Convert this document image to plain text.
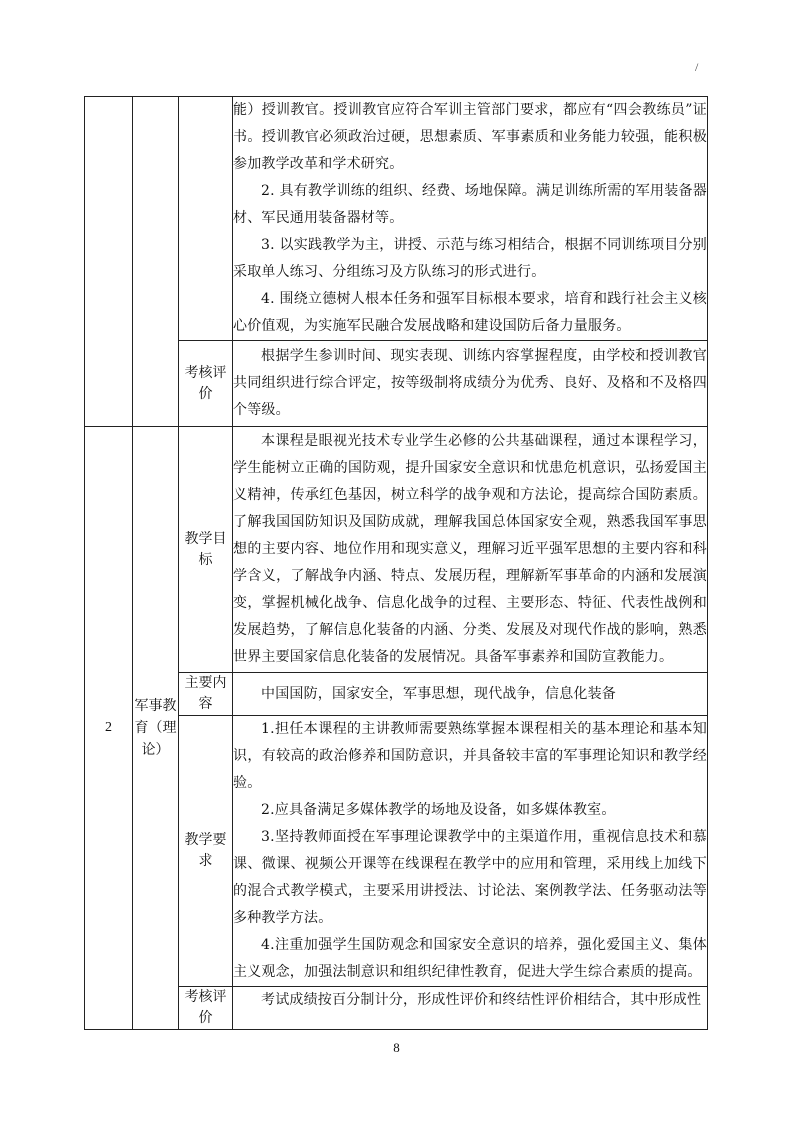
/

			能）授训教官。授训教官应符合军训主管部门要求，都应有“四会教练员”证书。授训教官必须政治过硬，思想素质、军事素质和业务能力较强，能积极参加教学改革和学术研究。

2. 具有教学训练的组织、经费、场地保障。满足训练所需的军用装备器材、军民通用装备器材等。

3. 以实践教学为主，讲授、示范与练习相结合，根据不同训练项目分别采取单人练习、分组练习及方队练习的形式进行。

4. 围绕立德树人根本任务和强军目标根本要求，培育和践行社会主义核心价值观，为实施军民融合发展战略和建设国防后备力量服务。

		考核评价	根据学生参训时间、现实表现、训练内容掌握程度，由学校和授训教官共同组织进行综合评定，按等级制将成绩分为优秀、良好、及格和不及格四个等级。

2	军事教育（理论）	教学目标	本课程是眼视光技术专业学生必修的公共基础课程，通过本课程学习，学生能树立正确的国防观，提升国家安全意识和忧患危机意识，弘扬爱国主义精神，传承红色基因，树立科学的战争观和方法论，提高综合国防素质。了解我国国防知识及国防成就，理解我国总体国家安全观，熟悉我国军事思想的主要内容、地位作用和现实意义，理解习近平强军思想的主要内容和科学含义，了解战争内涵、特点、发展历程，理解新军事革命的内涵和发展演变，掌握机械化战争、信息化战争的过程、主要形态、特征、代表性战例和发展趋势，了解信息化装备的内涵、分类、发展及对现代作战的影响，熟悉世界主要国家信息化装备的发展情况。具备军事素养和国防宣教能力。

		主要内容	中国国防，国家安全，军事思想，现代战争，信息化装备

		教学要求	1.担任本课程的主讲教师需要熟练掌握本课程相关的基本理论和基本知识，有较高的政治修养和国防意识，并具备较丰富的军事理论知识和教学经验。

2.应具备满足多媒体教学的场地及设备，如多媒体教室。

3.坚持教师面授在军事理论课教学中的主渠道作用，重视信息技术和慕课、微课、视频公开课等在线课程在教学中的应用和管理，采用线上加线下的混合式教学模式，主要采用讲授法、讨论法、案例教学法、任务驱动法等多种教学方法。

4.注重加强学生国防观念和国家安全意识的培养，强化爱国主义、集体主义观念，加强法制意识和组织纪律性教育，促进大学生综合素质的提高。

		考核评价	考试成绩按百分制计分，形成性评价和终结性评价相结合，其中形成性

8
